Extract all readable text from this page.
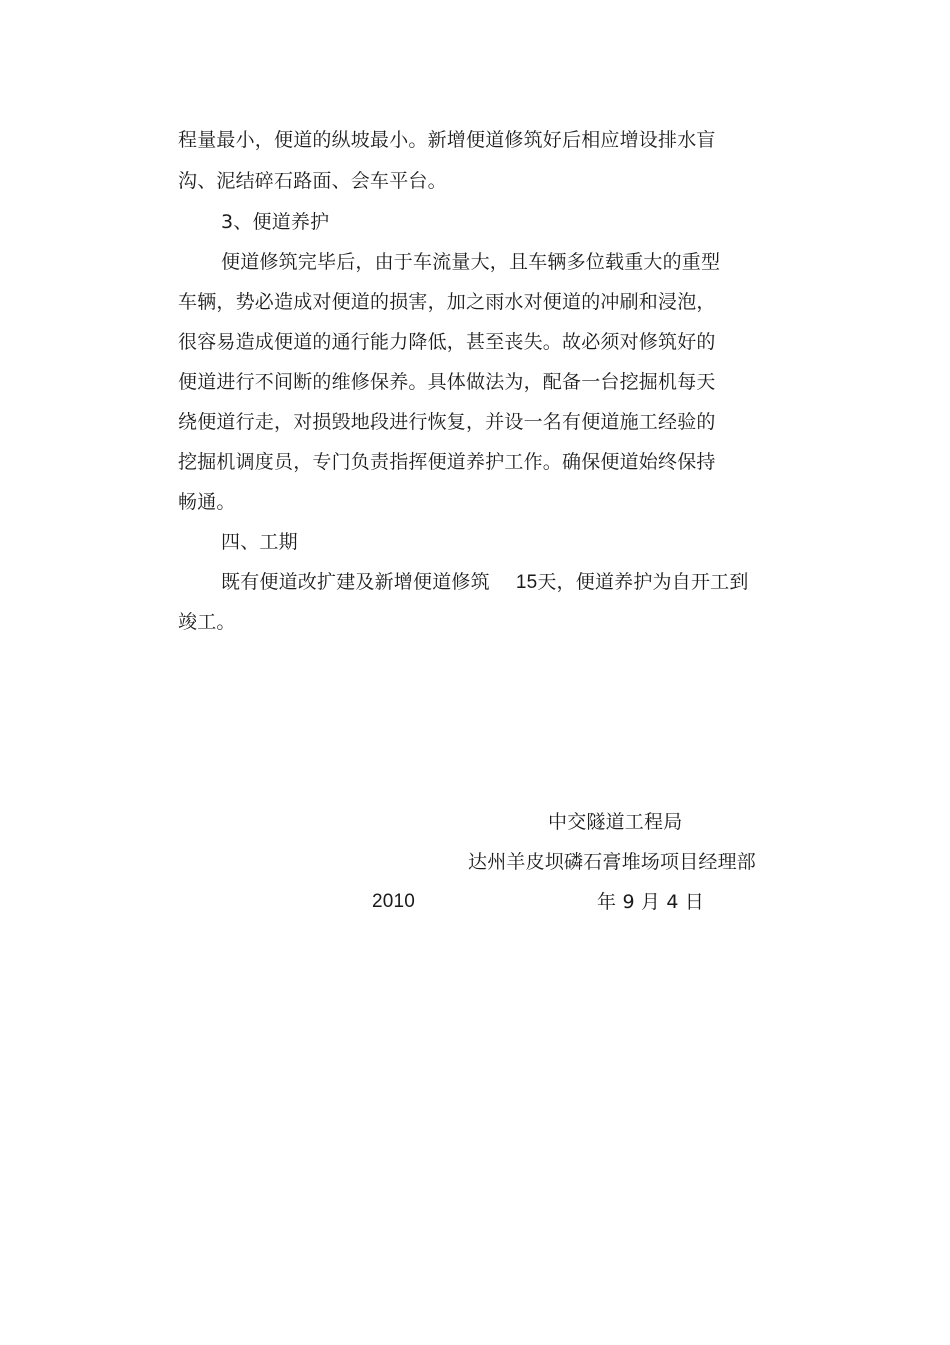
程量最小，便道的纵坡最小。新增便道修筑好后相应增设排水盲
沟、泥结碎石路面、会车平台。
3、便道养护
便道修筑完毕后，由于车流量大，且车辆多位载重大的重型
车辆，势必造成对便道的损害，加之雨水对便道的冲刷和浸泡，
很容易造成便道的通行能力降低，甚至丧失。故必须对修筑好的
便道进行不间断的维修保养。具体做法为，配备一台挖掘机每天
绕便道行走，对损毁地段进行恢复，并设一名有便道施工经验的
挖掘机调度员，专门负责指挥便道养护工作。确保便道始终保持
畅通。
四、工期
既有便道改扩建及新增便道修筑 15天，便道养护为自开工到
竣工。
中交隧道工程局
达州羊皮坝磷石膏堆场项目经理部
2010	年 9 月 4 日
